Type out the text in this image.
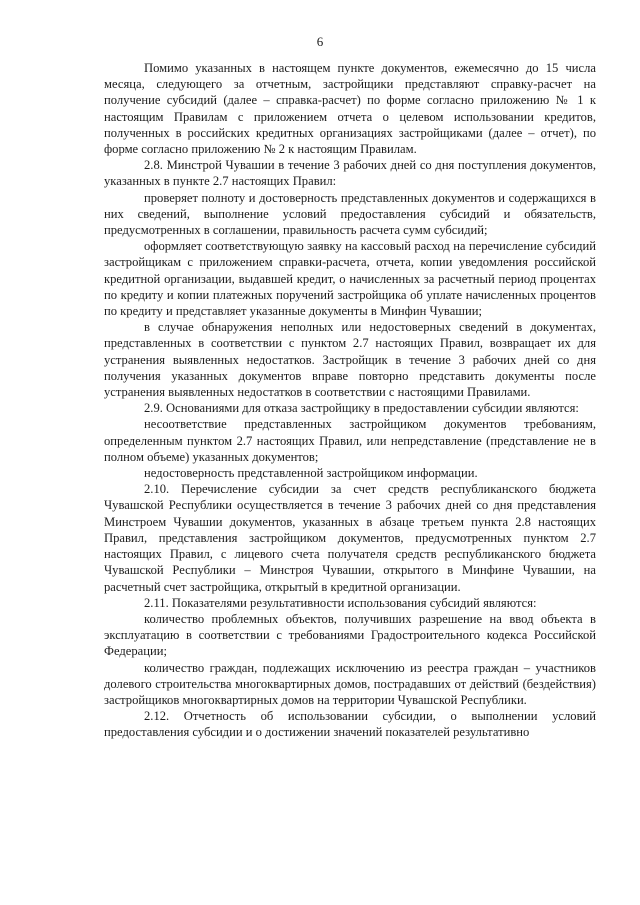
6

Помимо указанных в настоящем пункте документов, ежемесячно до 15 числа месяца, следующего за отчетным, застройщики представляют справку-расчет на получение субсидий (далее – справка-расчет) по форме согласно приложению № 1 к настоящим Правилам с приложением отчета о целевом использовании кредитов, полученных в российских кредитных организациях застройщиками (далее – отчет), по форме согласно приложению № 2 к настоящим Правилам.

2.8. Минстрой Чувашии в течение 3 рабочих дней со дня поступления документов, указанных в пункте 2.7 настоящих Правил:

проверяет полноту и достоверность представленных документов и содержащихся в них сведений, выполнение условий предоставления субсидий и обязательств, предусмотренных в соглашении, правильность расчета сумм субсидий;

оформляет соответствующую заявку на кассовый расход на перечисление субсидий застройщикам с приложением справки-расчета, отчета, копии уведомления российской кредитной организации, выдавшей кредит, о начисленных за расчетный период процентах по кредиту и копии платежных поручений застройщика об уплате начисленных процентов по кредиту и представляет указанные документы в Минфин Чувашии;

в случае обнаружения неполных или недостоверных сведений в документах, представленных в соответствии с пунктом 2.7 настоящих Правил, возвращает их для устранения выявленных недостатков. Застройщик в течение 3 рабочих дней со дня получения указанных документов вправе повторно представить документы после устранения выявленных недостатков в соответствии с настоящими Правилами.

2.9. Основаниями для отказа застройщику в предоставлении субсидии являются:

несоответствие представленных застройщиком документов требованиям, определенным пунктом 2.7 настоящих Правил, или непредставление (представление не в полном объеме) указанных документов;

недостоверность представленной застройщиком информации.

2.10. Перечисление субсидии за счет средств республиканского бюджета Чувашской Республики осуществляется в течение 3 рабочих дней со дня представления Минстроем Чувашии документов, указанных в абзаце третьем пункта 2.8 настоящих Правил, представления застройщиком документов, предусмотренных пунктом 2.7 настоящих Правил, с лицевого счета получателя средств республиканского бюджета Чувашской Республики – Минстроя Чувашии, открытого в Минфине Чувашии, на расчетный счет застройщика, открытый в кредитной организации.

2.11. Показателями результативности использования субсидий являются:

количество проблемных объектов, получивших разрешение на ввод объекта в эксплуатацию в соответствии с требованиями Градостроительного кодекса Российской Федерации;

количество граждан, подлежащих исключению из реестра граждан – участников долевого строительства многоквартирных домов, пострадавших от действий (бездействия) застройщиков многоквартирных домов на территории Чувашской Республики.

2.12. Отчетность об использовании субсидии, о выполнении условий предоставления субсидии и о достижении значений показателей результативно
